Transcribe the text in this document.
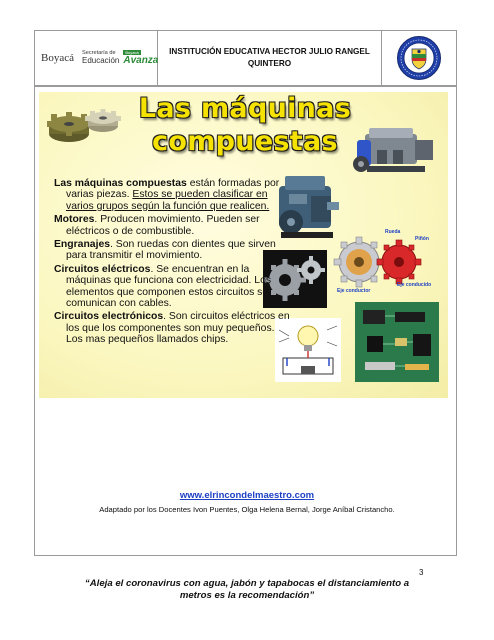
Boyacá Secretaría de
Educación
Boyacá
Avanza
INSTITUCIÓN EDUCATIVA HECTOR JULIO RANGEL
QUINTERO
Las máquinas
compuestas
Rueda
Piñón
Eje conductor
Eje conducido

Las máquinas compuestas están formadas por varias piezas. Estos se pueden clasificar en varios grupos según la función que realicen.

Motores. Producen movimiento. Pueden ser eléctricos o de combustible.

Engranajes. Son ruedas con dientes que sirven para transmitir el movimiento.

Circuitos eléctricos. Se encuentran en la máquinas que funciona con electricidad. Los elementos que componen estos circuitos se comunican con cables.

Circuitos electrónicos. Son circuitos eléctricos en los que los componentes son muy pequeños. Los mas pequeños llamados chips.

www.elrincondelmaestro.com
Adaptado por los Docentes Ivon Puentes, Olga Helena Bernal, Jorge Aníbal Cristancho.
3
“Aleja el coronavirus con agua, jabón y tapabocas el distanciamiento a
metros es la recomendación”
